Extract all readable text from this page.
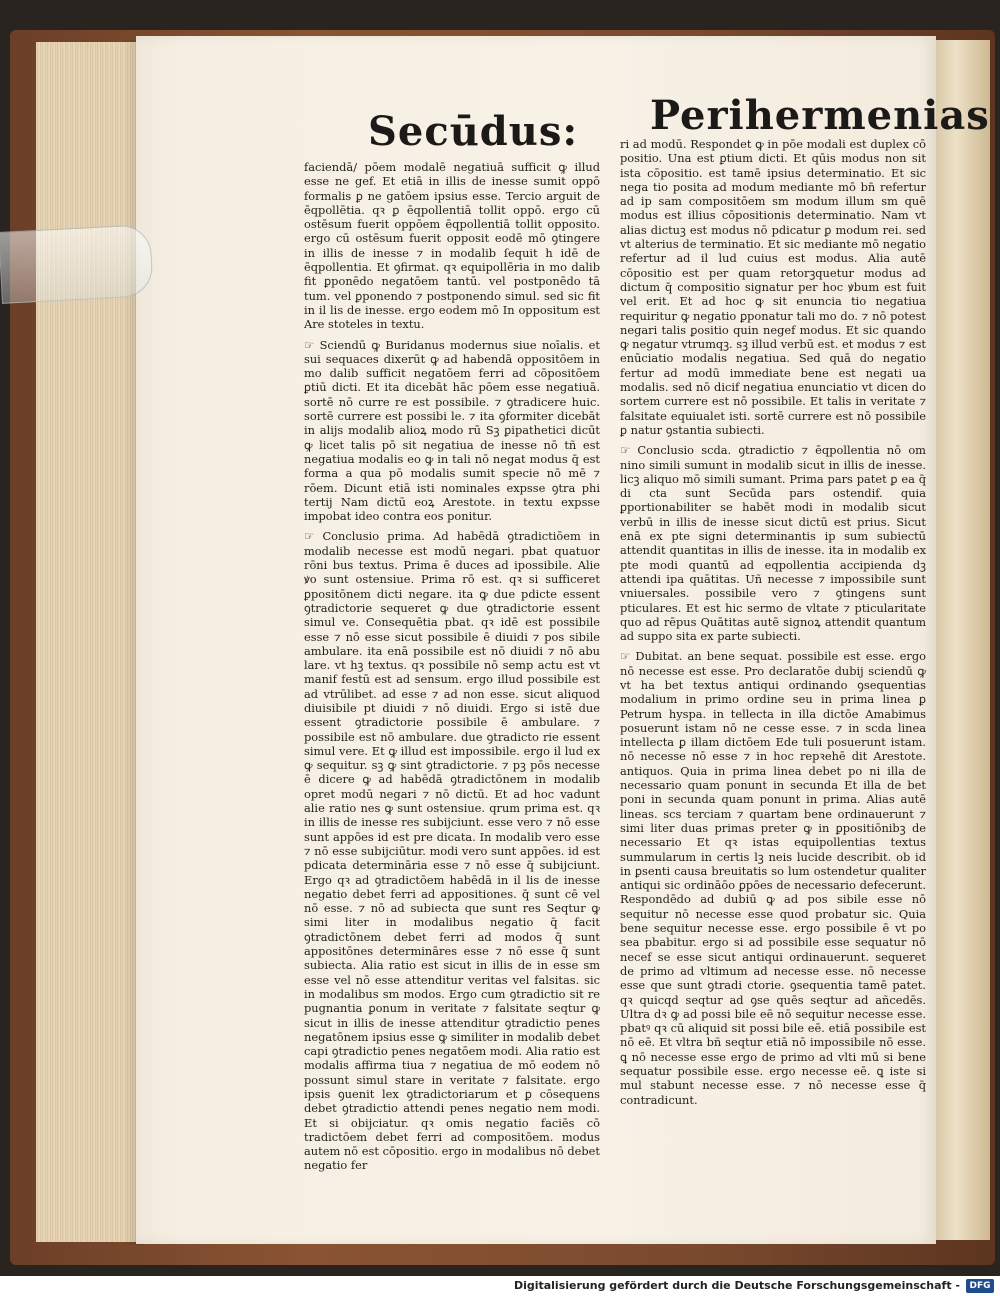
Secūdus: Perihermenias

faciendā/ pōem modalē negatiuā sufficit ꝙ illud esse ne gef. Et etiā in illis de inesse sumit oppō formalis ꝑ ne gatōem ipsius esse. Tercio arguit de ēqpollētia. qꝛ ꝑ ēqpollentiā tollit oppō. ergo cū ostēsum fuerit oppōem ēqpollentiā tollit opposito. ergo cū ostēsum fuerit opposit eodē mō ꝯtingere in illis de inesse ⁊ in modalib ſequit h idē de ēqpollentia. Et ꝯfirmat. qꝛ equipollēria in mo dalib fit ꝑponēdo negatōem tantū. vel postponēdo tā tum. vel ꝑponendo ⁊ postponendo simul. sed sic fit in il lis de inesse. ergo eodem mō In oppositum est Are stoteles in textu.

☞ Sciendū ꝙ Buridanus modernus siue noīalis. et sui sequaces dixerūt ꝙ ad habendā oppositōem in mo dalib sufficit negatōem ferri ad cōpositōem ꝑtiū dicti. Et ita dicebāt hāc pōem esse negatiuā. sortē nō curre re est possibile. ⁊ ꝯtradicere huic. sortē currere est possibi le. ⁊ ita ꝯformiter dicebāt in alijs modalib alioꝝ modo rū Sꝫ ꝑipathetici dicūt ꝙ licet talis pō sit negatiua de inesse nō tñ est negatiua modalis eo ꝙ in tali nō negat modus q̄ est forma a qua pō modalis sumit specie nō mē ⁊ rōem. Dicunt etiā isti nominales expsse ꝯtra phi tertij Nam dictū eoꝝ Arestote. in textu expsse impobat ideo contra eos ponitur.

☞ Conclusio prima. Ad habēdā ꝯtradictiōem in modalib necesse est modū negari. pbat quatuor rōni bus textus. Prima ē duces ad ipossibile. Alie ꝟo sunt ostensiue. Prima rō est. qꝛ si sufficeret ꝑpositōnem dicti negare. ita ꝙ due pdicte essent ꝯtradictorie sequeret ꝙ due ꝯtradictorie essent simul ve. Consequētia pbat. qꝛ idē est possibile esse ⁊ nō esse sicut possibile ē diuidi ⁊ pos sibile ambulare. ita enā possibile est nō diuidi ⁊ nō abu lare. vt hꝫ textus. qꝛ possibile nō semp actu est vt manif festū est ad sensum. ergo illud possibile est ad vtrūlibet. ad esse ⁊ ad non esse. sicut aliquod diuisibile pt diuidi ⁊ nō diuidi. Ergo si istē due essent ꝯtradictorie possibile ē ambulare. ⁊ possibile est nō ambulare. due ꝯtradicto rie essent simul vere. Et ꝙ illud est impossibile. ergo il lud ex ꝙ sequitur. sꝫ ꝙ sint ꝯtradictorie. ⁊ pꝫ pōs necesse ē dicere ꝙ ad habēdā ꝯtradictōnem in modalib opret modū negari ⁊ nō dictū. Et ad hoc vadunt alie ratio nes ꝙ sunt ostensiue. qrum prima est. qꝛ in illis de inesse res subijciunt. esse vero ⁊ nō esse sunt appōes id est pre dicata. In modalib vero esse ⁊ nō esse subijciūtur. modi vero sunt appōes. id est pdicata determināria esse ⁊ nō esse q̄ subijciunt. Ergo qꝛ ad ꝯtradictōem habēdā in il lis de inesse negatio debet ferri ad appositiones. q̄ sunt cē vel nō esse. ⁊ nō ad subiecta que sunt res Seqtur ꝙ simi liter in modalibus negatio q̄ facit ꝯtradictōnem debet ferri ad modos q̄ sunt appositōnes determināres esse ⁊ nō esse q̄ sunt subiecta. Alia ratio est sicut in illis de in esse sm esse vel nō esse attenditur veritas vel falsitas. sic in modalibus sm modos. Ergo cum ꝯtradictio sit re pugnantia ꝑonum in veritate ⁊ falsitate seqtur ꝙ sicut in illis de inesse attenditur ꝯtradictio penes negatōnem ipsius esse ꝙ similiter in modalib debet capi ꝯtradictio penes negatōem modi. Alia ratio est modalis affirma tiua ⁊ negatiua de mō eodem nō possunt simul stare in veritate ⁊ falsitate. ergo ipsis ꝯuenit lex ꝯtradictoriarum et ꝑ cōsequens debet ꝯtradictio attendi penes negatio nem modi. Et si obijciatur. qꝛ omis negatio faciēs cō tradictōem debet ferri ad compositōem. modus autem nō est cōpositio. ergo in modalibus nō debet negatio fer

ri ad modū. Respondet ꝙ in pōe modali est duplex cō positio. Una est ꝑtium dicti. Et qūis modus non sit ista cōpositio. est tamē ipsius determinatio. Et sic nega tio posita ad modum mediante mō bn̄ refertur ad ip sam compositōem sm modum illum sm quē modus est illius cōpositionis determinatio. Nam vt alias dictuꝫ est modus nō pdicatur ꝑ modum rei. sed vt alterius de terminatio. Et sic mediante mō negatio refertur ad il lud cuius est modus. Alia autē cōpositio est per quam retorꝫquetur modus ad dictum q̄ compositio signatur per hoc ꝟbum est fuit vel erit. Et ad hoc ꝙ sit enuncia tio negatiua requiritur ꝙ negatio ꝑponatur tali mo do. ⁊ nō potest negari talis ꝑositio quin negef modus. Et sic quando ꝙ negatur vtrumqꝫ. sꝫ illud verbū est. et modus ⁊ est enūciatio modalis negatiua. Sed quā do negatio fertur ad modū immediate bene est negati ua modalis. sed nō dicif negatiua enunciatio vt dicen do sortem currere est nō possibile. Et talis in veritate ⁊ falsitate equiualet isti. sortē currere est nō possibile ꝑ natur ꝯstantia subiecti.

☞ Conclusio scda. ꝯtradictio ⁊ ēqpollentia nō om nino simili sumunt in modalib sicut in illis de inesse. licꝫ aliquo mō simili sumant. Prima pars patet ꝑ ea q̄ di cta sunt Secūda pars ostendif. quia ꝑportionabiliter se habēt modi in modalib sicut verbū in illis de inesse sicut dictū est prius. Sicut enā ex pte signi determinantis ip sum subiectū attendit quantitas in illis de inesse. ita in modalib ex pte modi quantū ad eqpollentia accipienda dꝫ attendi ipa quātitas. Uñ necesse ⁊ impossibile sunt vniuersales. possibile vero ⁊ ꝯtingens sunt pticulares. Et est hic sermo de vltate ⁊ pticularitate quo ad rēpus Quātitas autē signoꝝ attendit quantum ad suppo sita ex parte subiecti.

☞ Dubitat. an bene sequat. possibile est esse. ergo nō necesse est esse. Pro declaratōe dubij sciendū ꝙ vt ha bet textus antiqui ordinando ꝯsequentias modalium in primo ordine seu in prima linea ꝑ Petrum hyspa. in tellecta in illa dictōe Amabimus posuerunt istam nō ne cesse esse. ⁊ in scda linea intellecta ꝑ illam dictōem Ede tuli posuerunt istam. nō necesse nō esse ⁊ in hoc repꝛehē dit Arestote. antiquos. Quia in prima linea debet po ni illa de necessario quam ponunt in secunda Et illa de bet poni in secunda quam ponunt in prima. Alias autē lineas. scs terciam ⁊ quartam bene ordinauerunt ⁊ simi liter duas primas preter ꝙ in ꝑpositiōnibꝫ de necessario Et qꝛ istas equipollentias textus summularum in certis lꝫ neis lucide describit. ob id in ꝑsenti causa breuitatis so lum ostendetur qualiter antiqui sic ordināōo ꝑpōes de necessario defecerunt. Respondēdo ad dubiū ꝙ ad pos sibile esse nō sequitur nō necesse esse quod probatur sic. Quia bene sequitur necesse esse. ergo possibile ē vt po sea pbabitur. ergo si ad possibile esse sequatur nō necef se esse sicut antiqui ordinauerunt. sequeret de primo ad vltimum ad necesse esse. nō necesse esse que sunt ꝯtradi ctorie. ꝯsequentia tamē patet. qꝛ quicqd seqtur ad ꝯse quēs seqtur ad añcedēs. Ultra dꝛ ꝙ ad possi bile eē nō sequitur necesse esse. pbatꝰ qꝛ cū aliquid sit possi bile eē. etiā possibile est nō eē. Et vltra bñ seqtur etiā nō impossibile nō esse. ꝗ nō necesse esse ergo de primo ad vlti mū si bene sequatur possibile esse. ergo necesse eē. ꝗ iste si mul stabunt necesse esse. ⁊ nō necesse esse q̄ contradicunt.

Digitalisierung gefördert durch die Deutsche Forschungsgemeinschaft -	DFG
